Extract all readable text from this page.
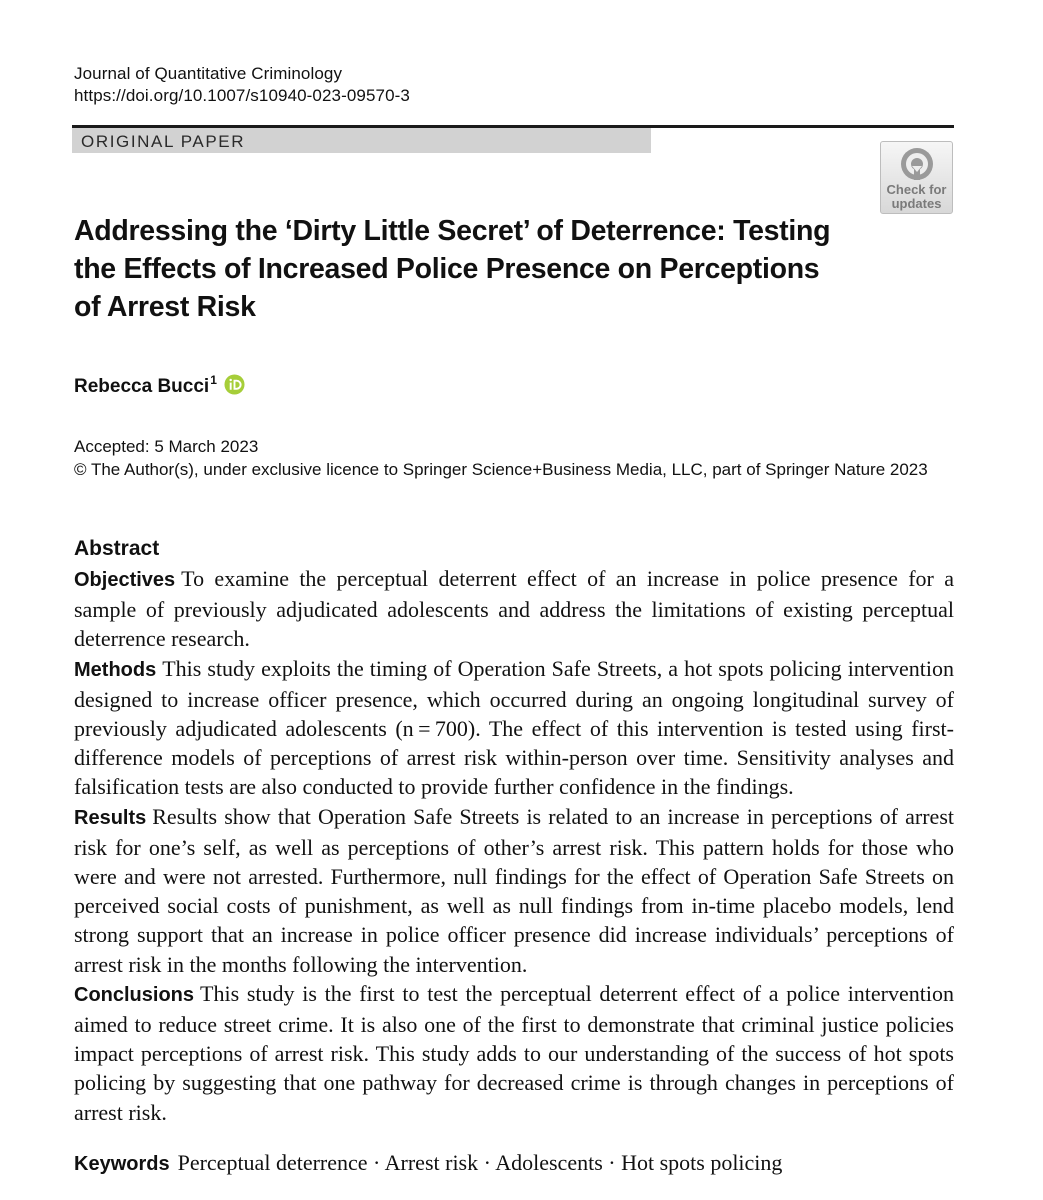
Journal of Quantitative Criminology
https://doi.org/10.1007/s10940-023-09570-3
ORIGINAL PAPER
Check for
updates
Addressing the ‘Dirty Little Secret’ of Deterrence: Testing the Effects of Increased Police Presence on Perceptions of Arrest Risk
Rebecca Bucci$^1$
Accepted: 5 March 2023
© The Author(s), under exclusive licence to Springer Science+Business Media, LLC, part of Springer Nature 2023
Abstract

Objectives To examine the perceptual deterrent effect of an increase in police presence for a sample of previously adjudicated adolescents and address the limitations of existing perceptual deterrence research.

Methods This study exploits the timing of Operation Safe Streets, a hot spots policing intervention designed to increase officer presence, which occurred during an ongoing longitudinal survey of previously adjudicated adolescents (n = 700). The effect of this intervention is tested using first-difference models of perceptions of arrest risk within-person over time. Sensitivity analyses and falsification tests are also conducted to provide further confidence in the findings.

Results Results show that Operation Safe Streets is related to an increase in perceptions of arrest risk for one’s self, as well as perceptions of other’s arrest risk. This pattern holds for those who were and were not arrested. Furthermore, null findings for the effect of Operation Safe Streets on perceived social costs of punishment, as well as null findings from in-time placebo models, lend strong support that an increase in police officer presence did increase individuals’ perceptions of arrest risk in the months following the intervention.

Conclusions This study is the first to test the perceptual deterrent effect of a police intervention aimed to reduce street crime. It is also one of the first to demonstrate that criminal justice policies impact perceptions of arrest risk. This study adds to our understanding of the success of hot spots policing by suggesting that one pathway for decreased crime is through changes in perceptions of arrest risk.

Keywords Perceptual deterrence · Arrest risk · Adolescents · Hot spots policing
